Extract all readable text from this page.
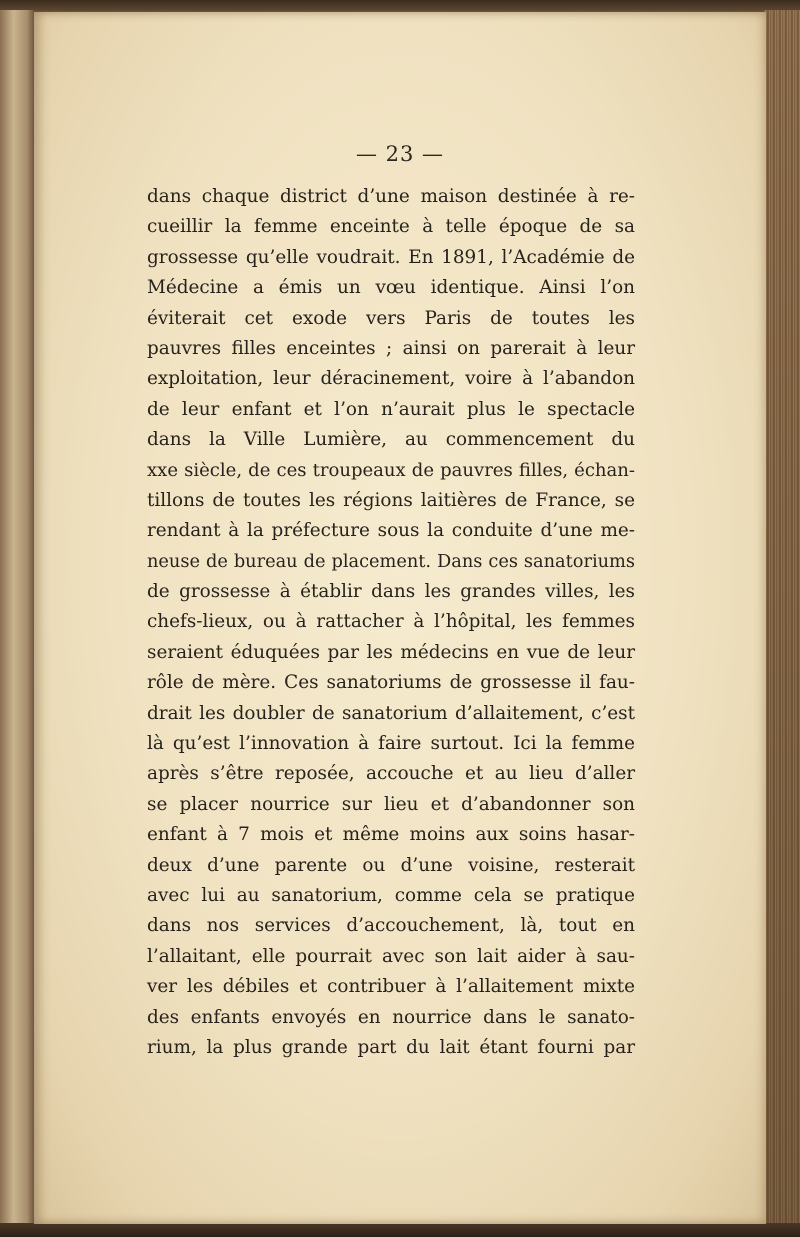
— 23 —
dans chaque district d’une maison destinée à re-
cueillir la femme enceinte à telle époque de sa
grossesse qu’elle voudrait. En 1891, l’Académie de
Médecine a émis un vœu identique. Ainsi l’on
éviterait cet exode vers Paris de toutes les
pauvres filles enceintes ; ainsi on parerait à leur
exploitation, leur déracinement, voire à l’abandon
de leur enfant et l’on n’aurait plus le spectacle
dans la Ville Lumière, au commencement du
xxe siècle, de ces troupeaux de pauvres filles, échan-
tillons de toutes les régions laitières de France, se
rendant à la préfecture sous la conduite d’une me-
neuse de bureau de placement. Dans ces sanatoriums
de grossesse à établir dans les grandes villes, les
chefs-lieux, ou à rattacher à l’hôpital, les femmes
seraient éduquées par les médecins en vue de leur
rôle de mère. Ces sanatoriums de grossesse il fau-
drait les doubler de sanatorium d’allaitement, c’est
là qu’est l’innovation à faire surtout. Ici la femme
après s’être reposée, accouche et au lieu d’aller
se placer nourrice sur lieu et d’abandonner son
enfant à 7 mois et même moins aux soins hasar-
deux d’une parente ou d’une voisine, resterait
avec lui au sanatorium, comme cela se pratique
dans nos services d’accouchement, là, tout en
l’allaitant, elle pourrait avec son lait aider à sau-
ver les débiles et contribuer à l’allaitement mixte
des enfants envoyés en nourrice dans le sanato-
rium, la plus grande part du lait étant fourni par
